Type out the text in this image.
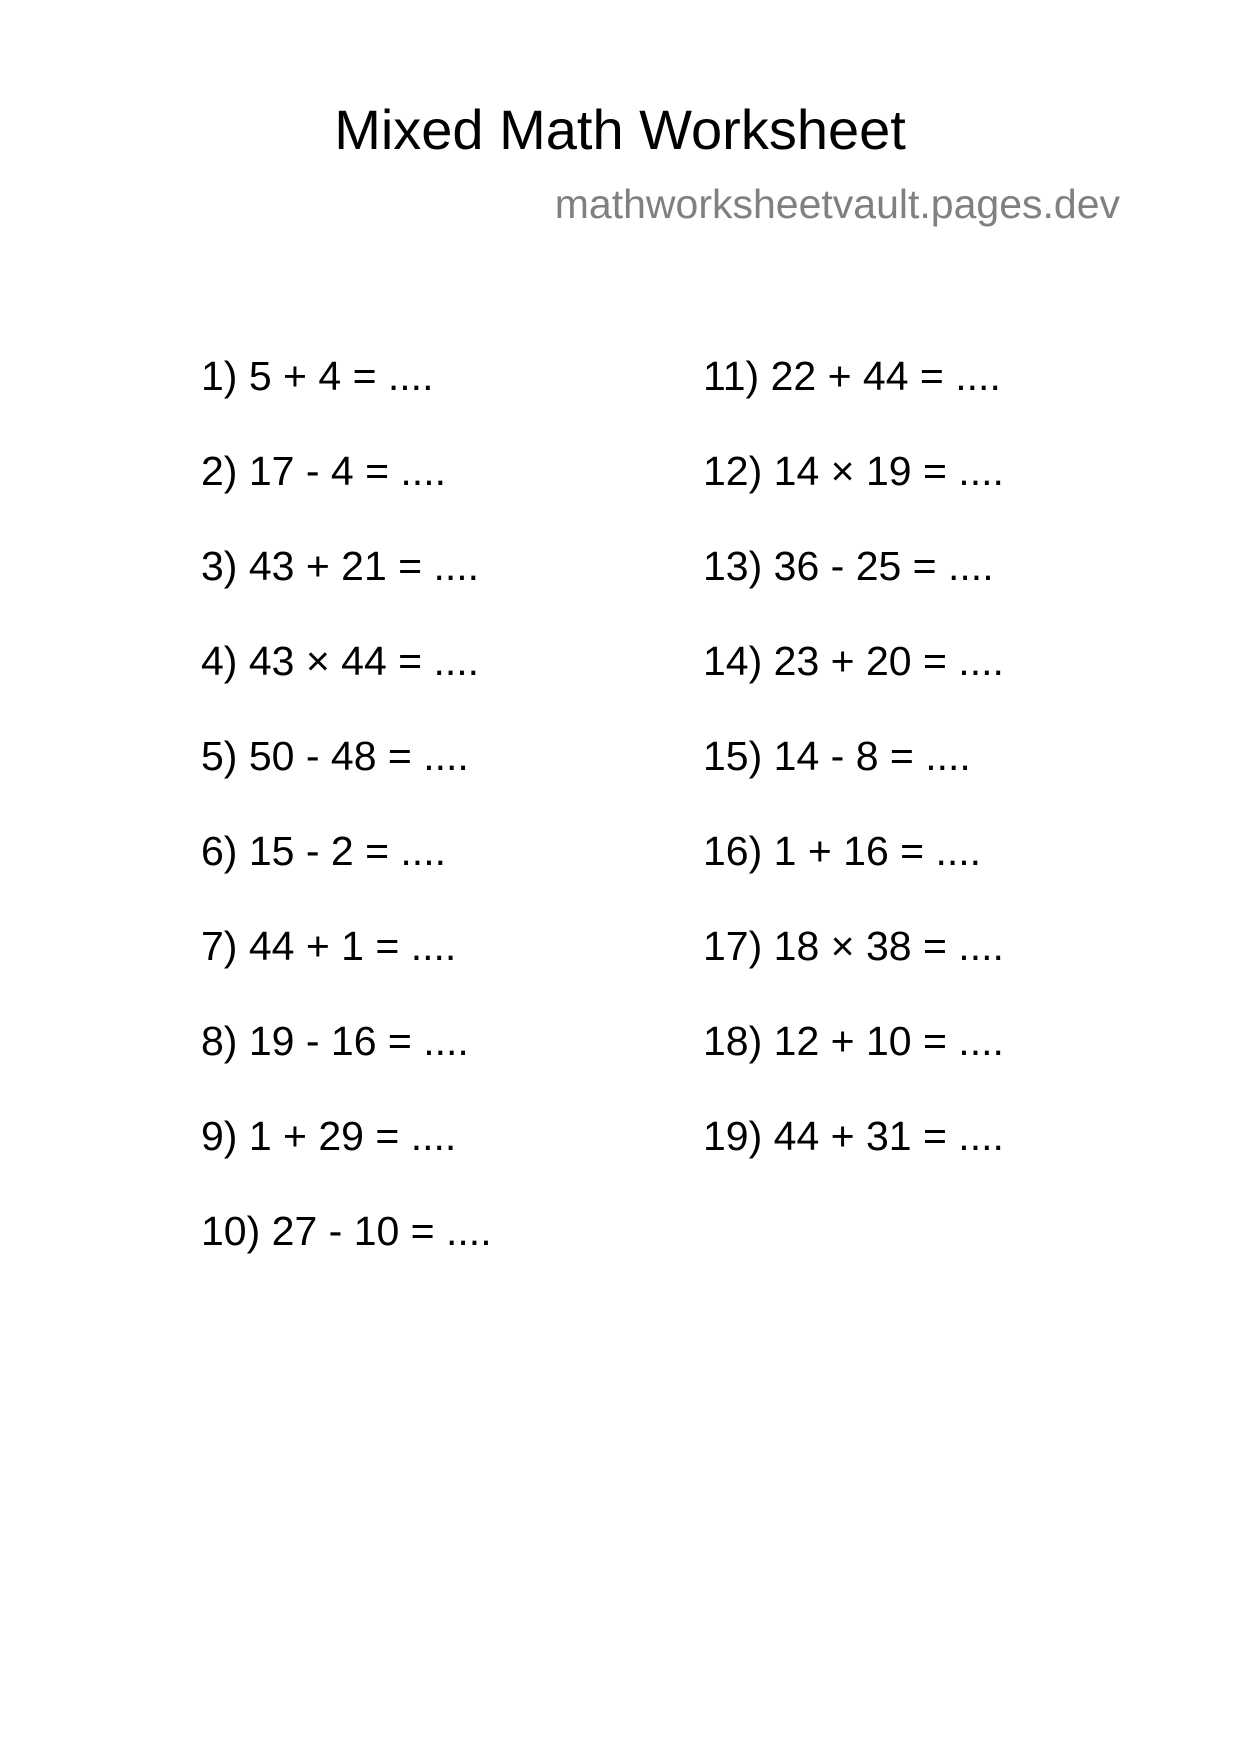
Mixed Math Worksheet
mathworksheetvault.pages.dev
1) 5 + 4 = ....
2) 17 - 4 = ....
3) 43 + 21 = ....
4) 43 × 44 = ....
5) 50 - 48 = ....
6) 15 - 2 = ....
7) 44 + 1 = ....
8) 19 - 16 = ....
9) 1 + 29 = ....
10) 27 - 10 = ....
11) 22 + 44 = ....
12) 14 × 19 = ....
13) 36 - 25 = ....
14) 23 + 20 = ....
15) 14 - 8 = ....
16) 1 + 16 = ....
17) 18 × 38 = ....
18) 12 + 10 = ....
19) 44 + 31 = ....
